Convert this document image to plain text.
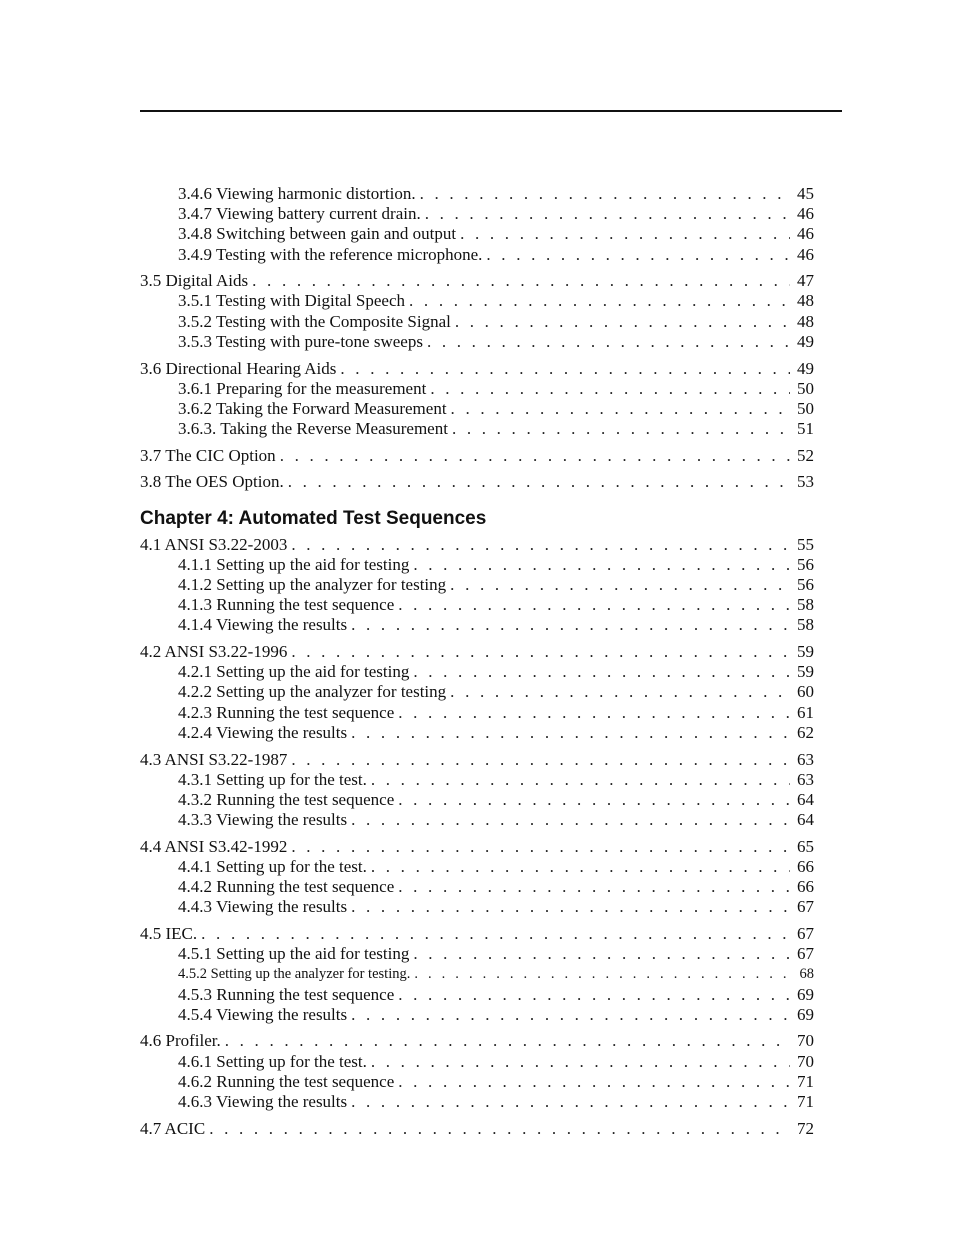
3.4.6 Viewing harmonic distortion. . . .	45
3.4.7 Viewing battery current drain. . . .	46
3.4.8 Switching between gain and output . . .	46
3.4.9 Testing with the reference microphone. . . .	46
3.5 Digital Aids . . .	47
3.5.1 Testing with Digital Speech . . .	48
3.5.2 Testing with the Composite Signal . . .	48
3.5.3 Testing with pure-tone sweeps . . .	49
3.6 Directional Hearing Aids . . .	49
3.6.1 Preparing for the measurement . . .	50
3.6.2 Taking the Forward Measurement . . .	50
3.6.3. Taking the Reverse Measurement . . .	51
3.7 The CIC Option . . .	52
3.8 The OES Option. . . .	53
Chapter 4: Automated Test Sequences
4.1 ANSI S3.22-2003 . . .	55
4.1.1 Setting up the aid for testing . . .	56
4.1.2 Setting up the analyzer for testing . . .	56
4.1.3 Running the test sequence . . .	58
4.1.4 Viewing the results . . .	58
4.2 ANSI S3.22-1996 . . .	59
4.2.1 Setting up the aid for testing . . .	59
4.2.2 Setting up the analyzer for testing . . .	60
4.2.3 Running the test sequence . . .	61
4.2.4 Viewing the results . . .	62
4.3 ANSI S3.22-1987 . . .	63
4.3.1 Setting up for the test. . . .	63
4.3.2 Running the test sequence . . .	64
4.3.3 Viewing the results . . .	64
4.4 ANSI S3.42-1992 . . .	65
4.4.1 Setting up for the test. . . .	66
4.4.2 Running the test sequence . . .	66
4.4.3 Viewing the results . . .	67
4.5 IEC. . . .	67
4.5.1 Setting up the aid for testing . . .	67
4.5.2 Setting up the analyzer for testing. . . .	68
4.5.3 Running the test sequence . . .	69
4.5.4 Viewing the results . . .	69
4.6 Profiler. . . .	70
4.6.1 Setting up for the test. . . .	70
4.6.2 Running the test sequence . . .	71
4.6.3 Viewing the results . . .	71
4.7 ACIC . . .	72
